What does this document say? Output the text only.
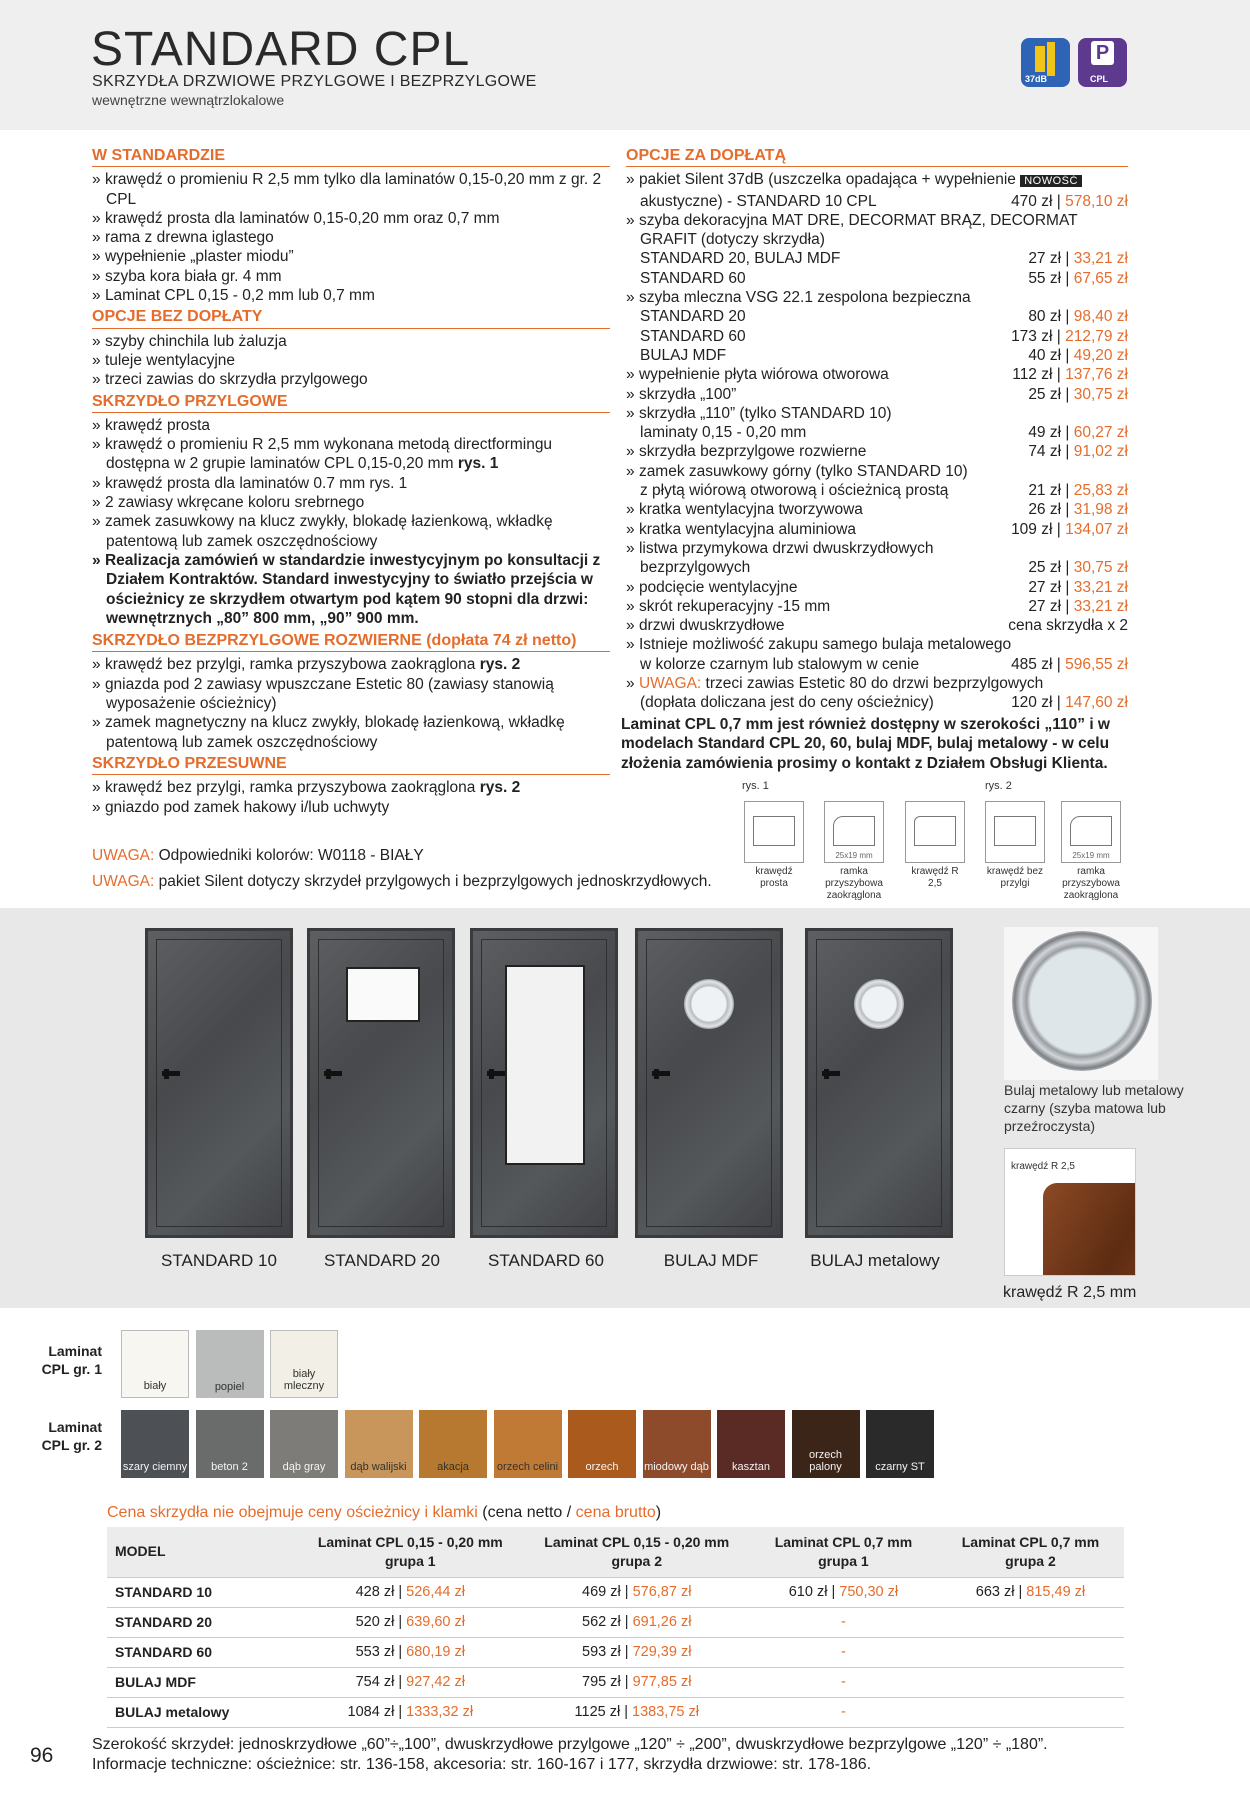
STANDARD CPL
SKRZYDŁA DRZWIOWE PRZYLGOWE I BEZPRZYLGOWE
wewnętrzne wewnątrzlokalowe
37dB
P
CPL
W STANDARDZIE
» krawędź o promieniu R 2,5 mm tylko dla laminatów 0,15-0,20 mm z gr. 2 CPL
» krawędź prosta dla laminatów 0,15-0,20 mm oraz 0,7 mm
» rama z drewna iglastego
» wypełnienie „plaster miodu”
» szyba kora biała gr. 4 mm
» Laminat CPL 0,15 - 0,2 mm lub 0,7 mm
OPCJE BEZ DOPŁATY
» szyby chinchila lub żaluzja
» tuleje wentylacyjne
» trzeci zawias do skrzydła przylgowego
SKRZYDŁO PRZYLGOWE
» krawędź prosta
» krawędź o promieniu R 2,5 mm wykonana metodą directformingu dostępna w 2 grupie laminatów CPL 0,15-0,20 mm rys. 1
» krawędź prosta dla laminatów 0.7 mm rys. 1
» 2 zawiasy wkręcane koloru srebrnego
» zamek zasuwkowy na klucz zwykły, blokadę łazienkową, wkładkę patentową lub zamek oszczędnościowy
» Realizacja zamówień w standardzie inwestycyjnym po konsultacji z Działem Kontraktów. Standard inwestycyjny to światło przejścia w ościeżnicy ze skrzydłem otwartym pod kątem 90 stopni dla drzwi: wewnętrznych „80” 800 mm, „90” 900 mm.
SKRZYDŁO BEZPRZYLGOWE ROZWIERNE (dopłata 74 zł netto)
» krawędź bez przylgi, ramka przyszybowa zaokrąglona rys. 2
» gniazda pod 2 zawiasy wpuszczane Estetic 80 (zawiasy stanowią wyposażenie ościeżnicy)
» zamek magnetyczny na klucz zwykły, blokadę łazienkową, wkładkę patentową lub zamek oszczędnościowy
SKRZYDŁO PRZESUWNE
» krawędź bez przylgi, ramka przyszybowa zaokrąglona rys. 2
» gniazdo pod zamek hakowy i/lub uchwyty
UWAGA: Odpowiedniki kolorów: W0118 - BIAŁY
UWAGA: pakiet Silent dotyczy skrzydeł przylgowych i bezprzylgowych jednoskrzydłowych.
OPCJE ZA DOPŁATĄ
» pakiet Silent 37dB (uszczelka opadająca + wypełnienie NOWOŚĆ
akustyczne) - STANDARD 10 CPL	470 zł | 578,10 zł
» szyba dekoracyjna MAT DRE, DECORMAT BRĄZ, DECORMAT GRAFIT (dotyczy skrzydła)
STANDARD 20, BULAJ MDF	27 zł | 33,21 zł
STANDARD 60	55 zł | 67,65 zł
» szyba mleczna VSG 22.1 zespolona bezpieczna
STANDARD 20	80 zł | 98,40 zł
STANDARD 60	173 zł | 212,79 zł
BULAJ MDF	40 zł | 49,20 zł
» wypełnienie płyta wiórowa otworowa	112 zł | 137,76 zł
» skrzydła „100”	25 zł | 30,75 zł
» skrzydła „110” (tylko STANDARD 10)
laminaty 0,15 - 0,20 mm	49 zł | 60,27 zł
» skrzydła bezprzylgowe rozwierne	74 zł | 91,02 zł
» zamek zasuwkowy górny (tylko STANDARD 10)
z płytą wiórową otworową i ościeżnicą prostą	21 zł | 25,83 zł
» kratka wentylacyjna tworzywowa	26 zł | 31,98 zł
» kratka wentylacyjna aluminiowa	109 zł | 134,07 zł
» listwa przymykowa drzwi dwuskrzydłowych
bezprzylgowych	25 zł | 30,75 zł
» podcięcie wentylacyjne	27 zł | 33,21 zł
» skrót rekuperacyjny -15 mm	27 zł | 33,21 zł
» drzwi dwuskrzydłowe	cena skrzydła x 2
» Istnieje możliwość zakupu samego bulaja metalowego
w kolorze czarnym lub stalowym w cenie	485 zł | 596,55 zł
» UWAGA: trzeci zawias Estetic 80 do drzwi bezprzylgowych
(dopłata doliczana jest do ceny ościeżnicy)	120 zł | 147,60 zł
Laminat CPL 0,7 mm jest również dostępny w szerokości „110” i w modelach Standard CPL 20, 60, bulaj MDF, bulaj metalowy - w celu złożenia zamówienia prosimy o kontakt z Działem Obsługi Klienta.
rys. 1	rys. 2
25x19 mm	25x19 mm
krawędź prosta
ramka przyszybowa zaokrąglona
krawędź R 2,5
krawędź bez przylgi
ramka przyszybowa zaokrąglona
STANDARD 10	STANDARD 20	STANDARD 60	BULAJ MDF	BULAJ metalowy
Bulaj metalowy lub metalowy czarny (szyba matowa lub przeźroczysta)
krawędź R 2,5
krawędź R 2,5 mm
Laminat CPL gr. 1
Laminat CPL gr. 2
biały	popiel
biały mleczny
szary ciemny	beton 2	dąb gray	dąb walijski	akacja	orzech celini	orzech	miodowy dąb	kasztan
orzech palony	czarny ST
Cena skrzydła nie obejmuje ceny ościeżnicy i klamki (cena netto / cena brutto)
MODEL	Laminat CPL 0,15 - 0,20 mm grupa 1	Laminat CPL 0,15 - 0,20 mm grupa 2	Laminat CPL 0,7 mm grupa 1	Laminat CPL 0,7 mm grupa 2
STANDARD 10	428 zł | 526,44 zł	469 zł | 576,87 zł	610 zł | 750,30 zł	663 zł | 815,49 zł
STANDARD 20	520 zł | 639,60 zł	562 zł | 691,26 zł	-	
STANDARD 60	553 zł | 680,19 zł	593 zł | 729,39 zł	-	
BULAJ MDF	754 zł | 927,42 zł	795 zł | 977,85 zł	-	
BULAJ metalowy	1084 zł | 1333,32 zł	1125 zł | 1383,75 zł	-	
96 Szerokość skrzydeł: jednoskrzydłowe „60”÷„100”, dwuskrzydłowe przylgowe „120” ÷ „200”, dwuskrzydłowe bezprzylgowe „120” ÷ „180”.
Informacje techniczne: ościeżnice: str. 136-158, akcesoria: str. 160-167 i 177, skrzydła drzwiowe: str. 178-186.
